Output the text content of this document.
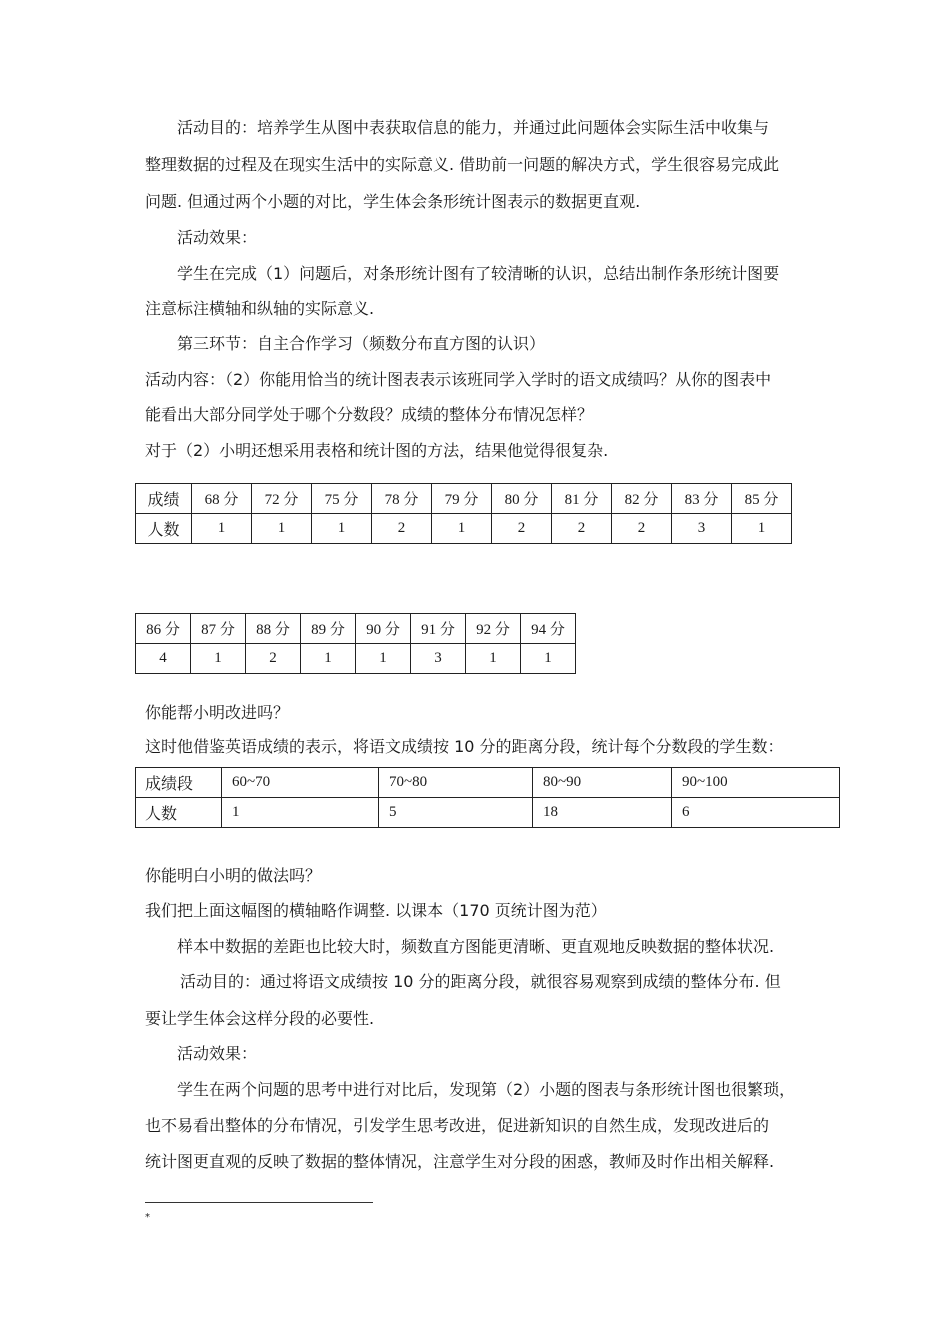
活动目的：培养学生从图中表获取信息的能力，并通过此问题体会实际生活中收集与
整理数据的过程及在现实生活中的实际意义. 借助前一问题的解决方式，学生很容易完成此
问题. 但通过两个小题的对比，学生体会条形统计图表示的数据更直观.
活动效果：
学生在完成（1）问题后，对条形统计图有了较清晰的认识，总结出制作条形统计图要
注意标注横轴和纵轴的实际意义.
第三环节：自主合作学习（频数分布直方图的认识）
活动内容：（2）你能用恰当的统计图表表示该班同学入学时的语文成绩吗？从你的图表中
能看出大部分同学处于哪个分数段？成绩的整体分布情况怎样？
对于（2）小明还想采用表格和统计图的方法，结果他觉得很复杂.
成绩	68 分	72 分	75 分	78 分	79 分	80 分	81 分	82 分	83 分	85 分
人数	1	1	1	2	1	2	2	2	3	1
86 分	87 分	88 分	89 分	90 分	91 分	92 分	94 分
4	1	2	1	1	3	1	1
你能帮小明改进吗？
这时他借鉴英语成绩的表示，将语文成绩按 10 分的距离分段，统计每个分数段的学生数：
成绩段	60~70	70~80	80~90	90~100
人数	1	5	18	6
你能明白小明的做法吗？
我们把上面这幅图的横轴略作调整. 以课本（170 页统计图为范）
样本中数据的差距也比较大时，频数直方图能更清晰、更直观地反映数据的整体状况.
活动目的：通过将语文成绩按 10 分的距离分段，就很容易观察到成绩的整体分布. 但
要让学生体会这样分段的必要性.
活动效果：
学生在两个问题的思考中进行对比后，发现第（2）小题的图表与条形统计图也很繁琐，
也不易看出整体的分布情况，引发学生思考改进，促进新知识的自然生成，发现改进后的
统计图更直观的反映了数据的整体情况，注意学生对分段的困惑，教师及时作出相关解释.
*
